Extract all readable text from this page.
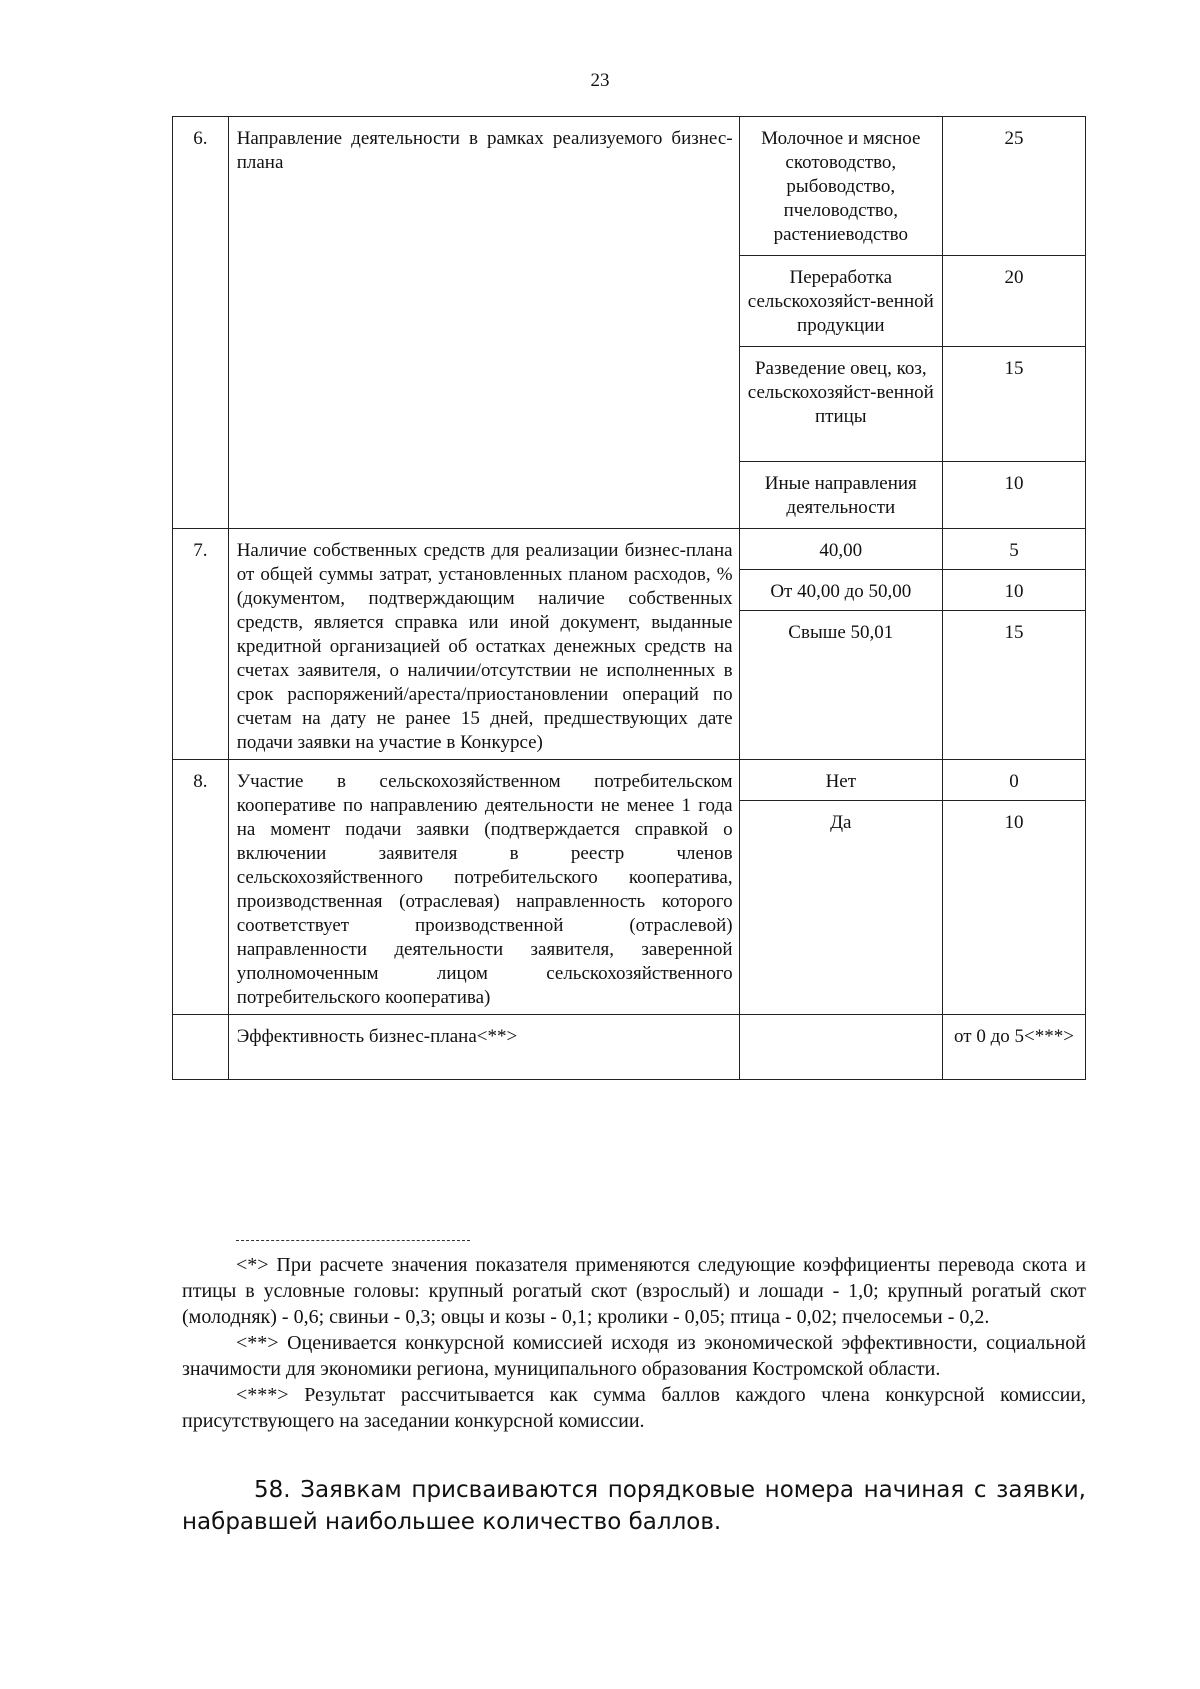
23
6.	Направление деятельности в рамках реализуемого бизнес-плана	Молочное и мясное скотоводство, рыбоводство, пчеловодство, растениеводство	25
		Переработка сельскохозяйст-венной продукции	20
		Разведение овец, коз, сельскохозяйст-венной птицы	15
		Иные направления деятельности	10
7.	Наличие собственных средств для реализации бизнес-плана от общей суммы затрат, установленных планом расходов, % (документом, подтверждающим наличие собственных средств, является справка или иной документ, выданные кредитной организацией об остатках денежных средств на счетах заявителя, о наличии/отсутствии не исполненных в срок распоряжений/ареста/приостановлении операций по счетам на дату не ранее 15 дней, предшествующих дате подачи заявки на участие в Конкурсе)	40,00	5
		От 40,00 до 50,00	10
		Свыше 50,01	15
8.	Участие в сельскохозяйственном потребительском кооперативе по направлению деятельности не менее 1 года на момент подачи заявки (подтверждается справкой о включении заявителя в реестр членов сельскохозяйственного потребительского кооператива, производственная (отраслевая) направленность которого соответствует производственной (отраслевой) направленности деятельности заявителя, заверенной уполномоченным лицом сельскохозяйственного потребительского кооператива)	Нет	0
		Да	10
	Эффективность бизнес-плана<**>		от 0 до 5<***>

<*> При расчете значения показателя применяются следующие коэффициенты перевода скота и птицы в условные головы: крупный рогатый скот (взрослый) и лошади - 1,0; крупный рогатый скот (молодняк) - 0,6; свиньи - 0,3; овцы и козы - 0,1; кролики - 0,05; птица - 0,02; пчелосемьи - 0,2.

<**> Оценивается конкурсной комиссией исходя из экономической эффективности, социальной значимости для экономики региона, муниципального образования Костромской области.

<***> Результат рассчитывается как сумма баллов каждого члена конкурсной комиссии, присутствующего на заседании конкурсной комиссии.

58. Заявкам присваиваются порядковые номера начиная с заявки, набравшей наибольшее количество баллов.
